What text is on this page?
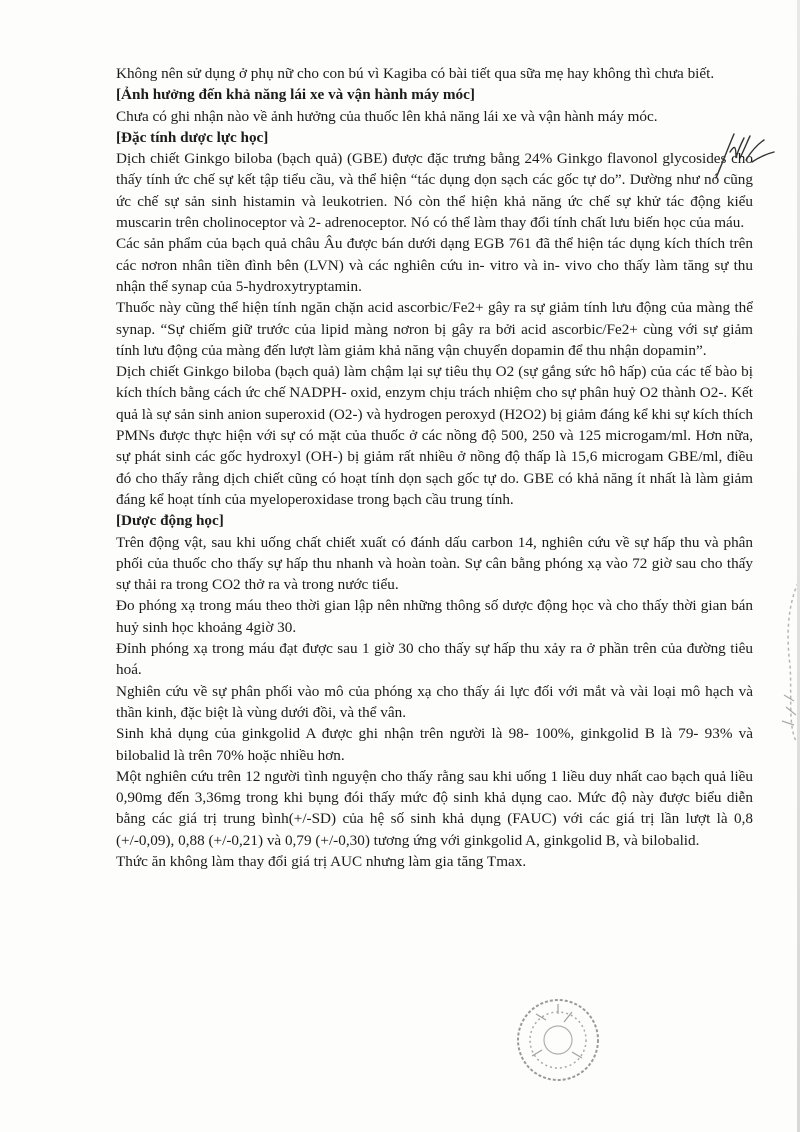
Không nên sử dụng ở phụ nữ cho con bú vì Kagiba có bài tiết qua sữa mẹ hay không thì chưa biết.

[Ảnh hưởng đến khả năng lái xe và vận hành máy móc]

Chưa có ghi nhận nào về ảnh hưởng của thuốc lên khả năng lái xe và vận hành máy móc.

[Đặc tính dược lực học]

Dịch chiết Ginkgo biloba (bạch quả) (GBE) được đặc trưng bằng 24% Ginkgo flavonol glycosides cho thấy tính ức chế sự kết tập tiểu cầu, và thể hiện “tác dụng dọn sạch các gốc tự do”. Dường như nó cũng ức chế sự sản sinh histamin và leukotrien. Nó còn thể hiện khả năng ức chế sự khử tác động kiểu muscarin trên cholinoceptor và 2- adrenoceptor. Nó có thể làm thay đổi tính chất lưu biến học của máu.

Các sản phẩm của bạch quả châu Âu được bán dưới dạng EGB 761 đã thể hiện tác dụng kích thích trên các nơron nhân tiền đình bên (LVN) và các nghiên cứu in- vitro và in- vivo cho thấy làm tăng sự thu nhận thể synap của 5-hydroxytryptamin.

Thuốc này cũng thể hiện tính ngăn chặn acid ascorbic/Fe2+ gây ra sự giảm tính lưu động của màng thể synap. “Sự chiếm giữ trước của lipid màng nơron bị gây ra bởi acid ascorbic/Fe2+ cùng với sự giảm tính lưu động của màng đến lượt làm giảm khả năng vận chuyển dopamin để thu nhận dopamin”.

Dịch chiết Ginkgo biloba (bạch quả) làm chậm lại sự tiêu thụ O2 (sự gắng sức hô hấp) của các tế bào bị kích thích bằng cách ức chế NADPH- oxid, enzym chịu trách nhiệm cho sự phân huỷ O2 thành O2-. Kết quả là sự sản sinh anion superoxid (O2-) và hydrogen peroxyd (H2O2) bị giảm đáng kể khi sự kích thích PMNs được thực hiện với sự có mặt của thuốc ở các nồng độ 500, 250 và 125 microgam/ml. Hơn nữa, sự phát sinh các gốc hydroxyl (OH-) bị giảm rất nhiều ở nồng độ thấp là 15,6 microgam GBE/ml, điều đó cho thấy rằng dịch chiết cũng có hoạt tính dọn sạch gốc tự do. GBE có khả năng ít nhất là làm giảm đáng kể hoạt tính của myeloperoxidase trong bạch cầu trung tính.

[Dược động học]

Trên động vật, sau khi uống chất chiết xuất có đánh dấu carbon 14, nghiên cứu về sự hấp thu và phân phối của thuốc cho thấy sự hấp thu nhanh và hoàn toàn. Sự cân bằng phóng xạ vào 72 giờ sau cho thấy sự thải ra trong CO2 thở ra và trong nước tiểu.

Đo phóng xạ trong máu theo thời gian lập nên những thông số dược động học và cho thấy thời gian bán huỷ sinh học khoảng 4giờ 30.

Đỉnh phóng xạ trong máu đạt được sau 1 giờ 30 cho thấy sự hấp thu xảy ra ở phần trên của đường tiêu hoá.

Nghiên cứu về sự phân phối vào mô của phóng xạ cho thấy ái lực đối với mắt và vài loại mô hạch và thần kinh, đặc biệt là vùng dưới đồi, và thể vân.

Sinh khả dụng của ginkgolid A được ghi nhận trên người là 98- 100%, ginkgolid B là 79- 93% và bilobalid là trên 70% hoặc nhiều hơn.

Một nghiên cứu trên 12 người tình nguyện cho thấy rằng sau khi uống 1 liều duy nhất cao bạch quả liều 0,90mg đến 3,36mg trong khi bụng đói thấy mức độ sinh khả dụng cao. Mức độ này được biểu diễn bằng các giá trị trung bình(+/-SD) của hệ số sinh khả dụng (FAUC) với các giá trị lần lượt là 0,8 (+/-0,09), 0,88 (+/-0,21) và 0,79 (+/-0,30) tương ứng với ginkgolid A, ginkgolid B, và bilobalid.

Thức ăn không làm thay đổi giá trị AUC nhưng làm gia tăng Tmax.
